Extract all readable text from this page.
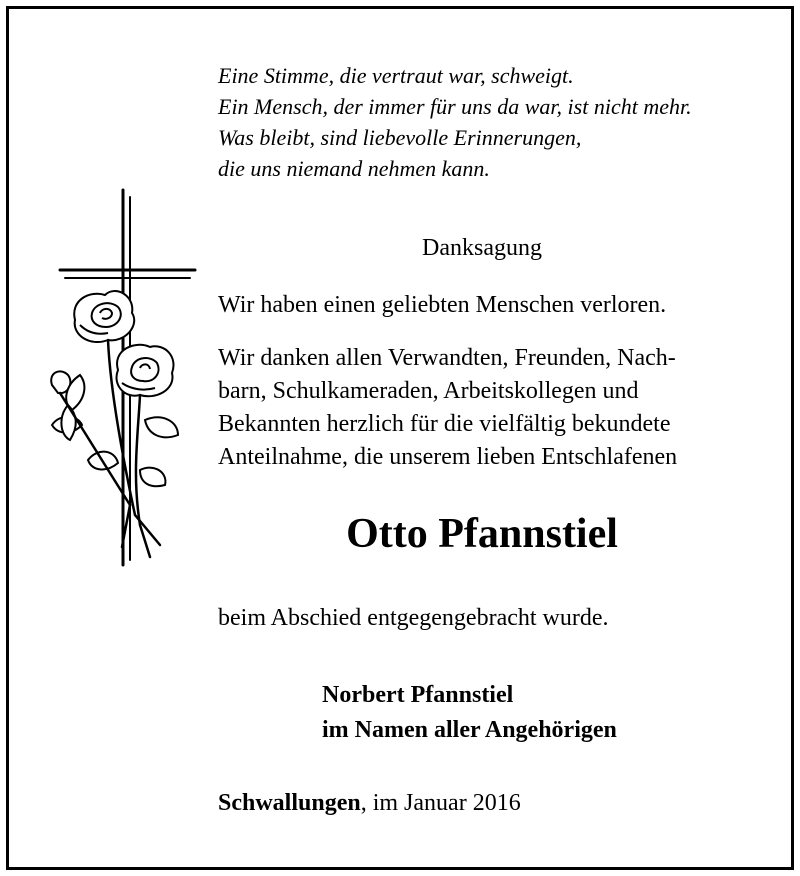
Eine Stimme, die vertraut war, schweigt.
Ein Mensch, der immer für uns da war, ist nicht mehr.
Was bleibt, sind liebevolle Erinnerungen,
die uns niemand nehmen kann.
Danksagung
Wir haben einen geliebten Menschen verloren.
Wir danken allen Verwandten, Freunden, Nach-
barn, Schulkameraden, Arbeitskollegen und
Bekannten herzlich für die vielfältig bekundete
Anteilnahme, die unserem lieben Entschlafenen
Otto Pfannstiel
beim Abschied entgegengebracht wurde.
Norbert Pfannstiel
im Namen aller Angehörigen
Schwallungen, im Januar 2016
